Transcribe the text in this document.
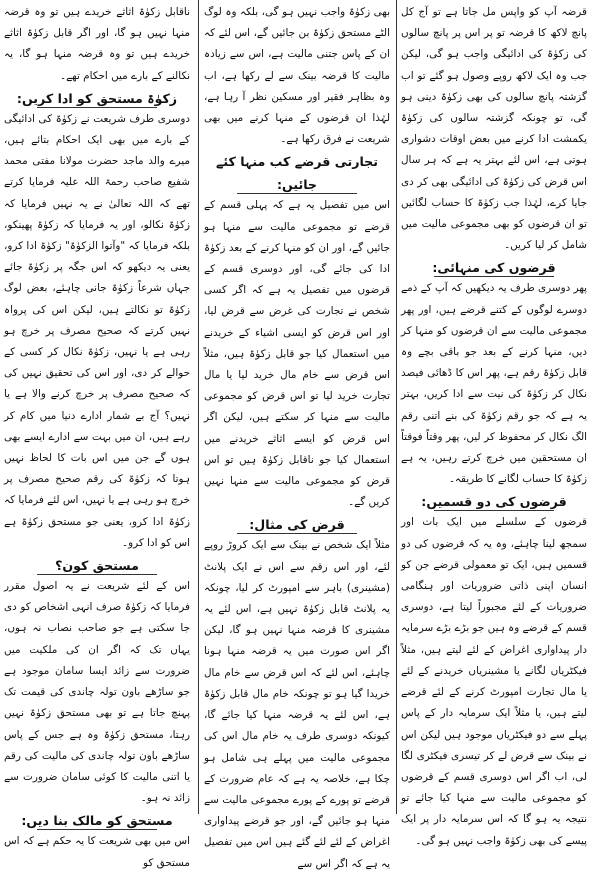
قرضہ آپ کو واپس مل جاتا ہے تو آج کل پانچ لاکھ کا قرضہ تو پر اس پر پانچ سالوں کی زکوٰۃ کی ادائیگی واجب ہو گی، لیکن جب وہ ایک لاکھ روپے وصول ہو گئے تو اب گزشتہ پانچ سالوں کی بھی زکوٰۃ دینی ہو گی، تو چونکہ گزشتہ سالوں کی زکوٰۃ یکمشت ادا کرنے میں بعض اوقات دشواری ہوتی ہے، اس لئے بہتر یہ ہے کہ ہر سال اس قرض کی زکوٰۃ کی ادائیگی بھی کر دی جایا کرے، لہٰذا جب زکوٰۃ کا حساب لگائیں تو ان قرضوں کو بھی مجموعی مالیت میں شامل کر لیا کریں۔

قرضوں کی منہائی:

پھر دوسری طرف یہ دیکھیں کہ آپ کے ذمے دوسرے لوگوں کے کتنے قرضے ہیں، اور پھر مجموعی مالیت سے ان قرضوں کو منہا کر دیں، منہا کرنے کے بعد جو باقی بچے وہ قابل زکوٰۃ رقم ہے، پھر اس کا ڈھائی فیصد نکال کر زکوٰۃ کی نیت سے ادا کریں، بہتر یہ ہے کہ جو رقم زکوٰۃ کی بنے اتنی رقم الگ نکال کر محفوظ کر لیں، پھر وقتاً فوقتاً ان مستحقین میں خرچ کرتے رہیں، یہ ہے زکوٰۃ کا حساب لگانے کا طریقہ۔

قرضوں کی دو قسمیں:

قرضوں کے سلسلے میں ایک بات اور سمجھ لینا چاہئے، وہ یہ کہ قرضوں کی دو قسمیں ہیں، ایک تو معمولی قرضے جن کو انسان اپنی ذاتی ضروریات اور ہنگامی ضروریات کے لئے مجبوراً لیتا ہے، دوسری قسم کے قرضے وہ ہیں جو بڑے بڑے سرمایہ دار پیداواری اغراض کے لئے لیتے ہیں، مثلاً فیکٹریاں لگانے یا مشینریاں خریدنے کے لئے یا مال تجارت امپورٹ کرنے کے لئے قرضے لیتے ہیں، یا مثلاً ایک سرمایہ دار کے پاس پہلے سے دو فیکٹریاں موجود ہیں لیکن اس نے بینک سے قرض لے کر تیسری فیکٹری لگا لی، اب اگر اس دوسری قسم کے قرضوں کو مجموعی مالیت سے منہا کیا جائے تو نتیجہ یہ ہو گا کہ اس سرمایہ دار پر ایک پیسے کی بھی زکوٰۃ واجب نہیں ہو گی۔

بھی زکوٰۃ واجب نہیں ہو گی، بلکہ وہ لوگ الٹے مستحق زکوٰۃ بن جائیں گے، اس لئے کہ ان کے پاس جتنی مالیت ہے، اس سے زیادہ مالیت کا قرضہ بینک سے لے رکھا ہے، اب وہ بظاہر فقیر اور مسکین نظر آ رہا ہے، لہٰذا ان قرضوں کے منہا کرنے میں بھی شریعت نے فرق رکھا ہے۔

تجارتی قرضے کب منہا کئے جائیں:

اس میں تفصیل یہ ہے کہ پہلی قسم کے قرضے تو مجموعی مالیت سے منہا ہو جائیں گے، اور ان کو منہا کرنے کے بعد زکوٰۃ ادا کی جائے گی، اور دوسری قسم کے قرضوں میں تفصیل یہ ہے کہ اگر کسی شخص نے تجارت کی غرض سے قرض لیا، اور اس قرض کو ایسی اشیاء کے خریدنے میں استعمال کیا جو قابل زکوٰۃ ہیں، مثلاً اس قرض سے خام مال خرید لیا یا مال تجارت خرید لیا تو اس قرض کو مجموعی مالیت سے منہا کر سکتے ہیں، لیکن اگر اس قرض کو ایسے اثاثے خریدنے میں استعمال کیا جو ناقابل زکوٰۃ ہیں تو اس قرض کو مجموعی مالیت سے منہا نہیں کریں گے۔

قرض کی مثال:

مثلاً ایک شخص نے بینک سے ایک کروڑ روپے لئے، اور اس رقم سے اس نے ایک پلانٹ (مشینری) باہر سے امپورٹ کر لیا، چونکہ یہ پلانٹ قابل زکوٰۃ نہیں ہے، اس لئے یہ مشینری کا قرضہ منہا نہیں ہو گا، لیکن اگر اس صورت میں یہ قرضہ منہا ہونا چاہئے، اس لئے کہ اس قرض سے خام مال خریدا گیا ہو تو چونکہ خام مال قابل زکوٰۃ ہے، اس لئے یہ قرضہ منہا کیا جائے گا، کیونکہ دوسری طرف یہ خام مال اس کی مجموعی مالیت میں پہلے ہی شامل ہو چکا ہے، خلاصہ یہ ہے کہ عام ضرورت کے قرضے تو پورے کے پورے مجموعی مالیت سے منہا ہو جائیں گے، اور جو قرضے پیداواری اغراض کے لئے لئے گئے ہیں اس میں تفصیل یہ ہے کہ اگر اس سے

ناقابل زکوٰۃ اثاثے خریدے ہیں تو وہ قرضہ منہا نہیں ہو گا، اور اگر قابل زکوٰۃ اثاثے خریدے ہیں تو وہ قرضہ منہا ہو گا، یہ نکالنے کے بارے میں احکام تھے۔

زکوٰۃ مستحق کو ادا کریں:

دوسری طرف شریعت نے زکوٰۃ کی ادائیگی کے بارے میں بھی ایک احکام بتائے ہیں، میرے والد ماجد حضرت مولانا مفتی محمد شفیع صاحب رحمۃ اللہ علیہ فرمایا کرتے تھے کہ اللہ تعالیٰ نے یہ نہیں فرمایا کہ زکوٰۃ نکالو، اور یہ فرمایا کہ زکوٰۃ پھینکو، بلکہ فرمایا کہ "وآتوا الزکوٰۃ" زکوٰۃ ادا کرو، یعنی یہ دیکھو کہ اس جگہ پر زکوٰۃ جائے جہاں شرعاً زکوٰۃ جانی چاہئے، بعض لوگ زکوٰۃ تو نکالتے ہیں، لیکن اس کی پرواہ نہیں کرتے کہ صحیح مصرف پر خرچ ہو رہی ہے یا نہیں، زکوٰۃ نکال کر کسی کے حوالے کر دی، اور اس کی تحقیق نہیں کی کہ صحیح مصرف پر خرچ کرنے والا ہے یا نہیں؟ آج بے شمار ادارے دنیا میں کام کر رہے ہیں، ان میں بہت سے ادارے ایسے بھی ہوں گے جن میں اس بات کا لحاظ نہیں ہوتا کہ زکوٰۃ کی رقم صحیح مصرف پر خرچ ہو رہی ہے یا نہیں، اس لئے فرمایا کہ زکوٰۃ ادا کرو، یعنی جو مستحق زکوٰۃ ہے اس کو ادا کرو۔

مستحق کون؟

اس کے لئے شریعت نے یہ اصول مقرر فرمایا کہ زکوٰۃ صرف انہی اشخاص کو دی جا سکتی ہے جو صاحب نصاب نہ ہوں، یہاں تک کہ اگر ان کی ملکیت میں ضرورت سے زائد ایسا سامان موجود ہے جو ساڑھے باون تولہ چاندی کی قیمت تک پہنچ جاتا ہے تو بھی مستحق زکوٰۃ نہیں رہتا، مستحق زکوٰۃ وہ ہے جس کے پاس ساڑھے باون تولہ چاندی کی مالیت کی رقم یا اتنی مالیت کا کوئی سامان ضرورت سے زائد نہ ہو۔

مستحق کو مالک بنا دیں:

اس میں بھی شریعت کا یہ حکم ہے کہ اس مستحق کو
